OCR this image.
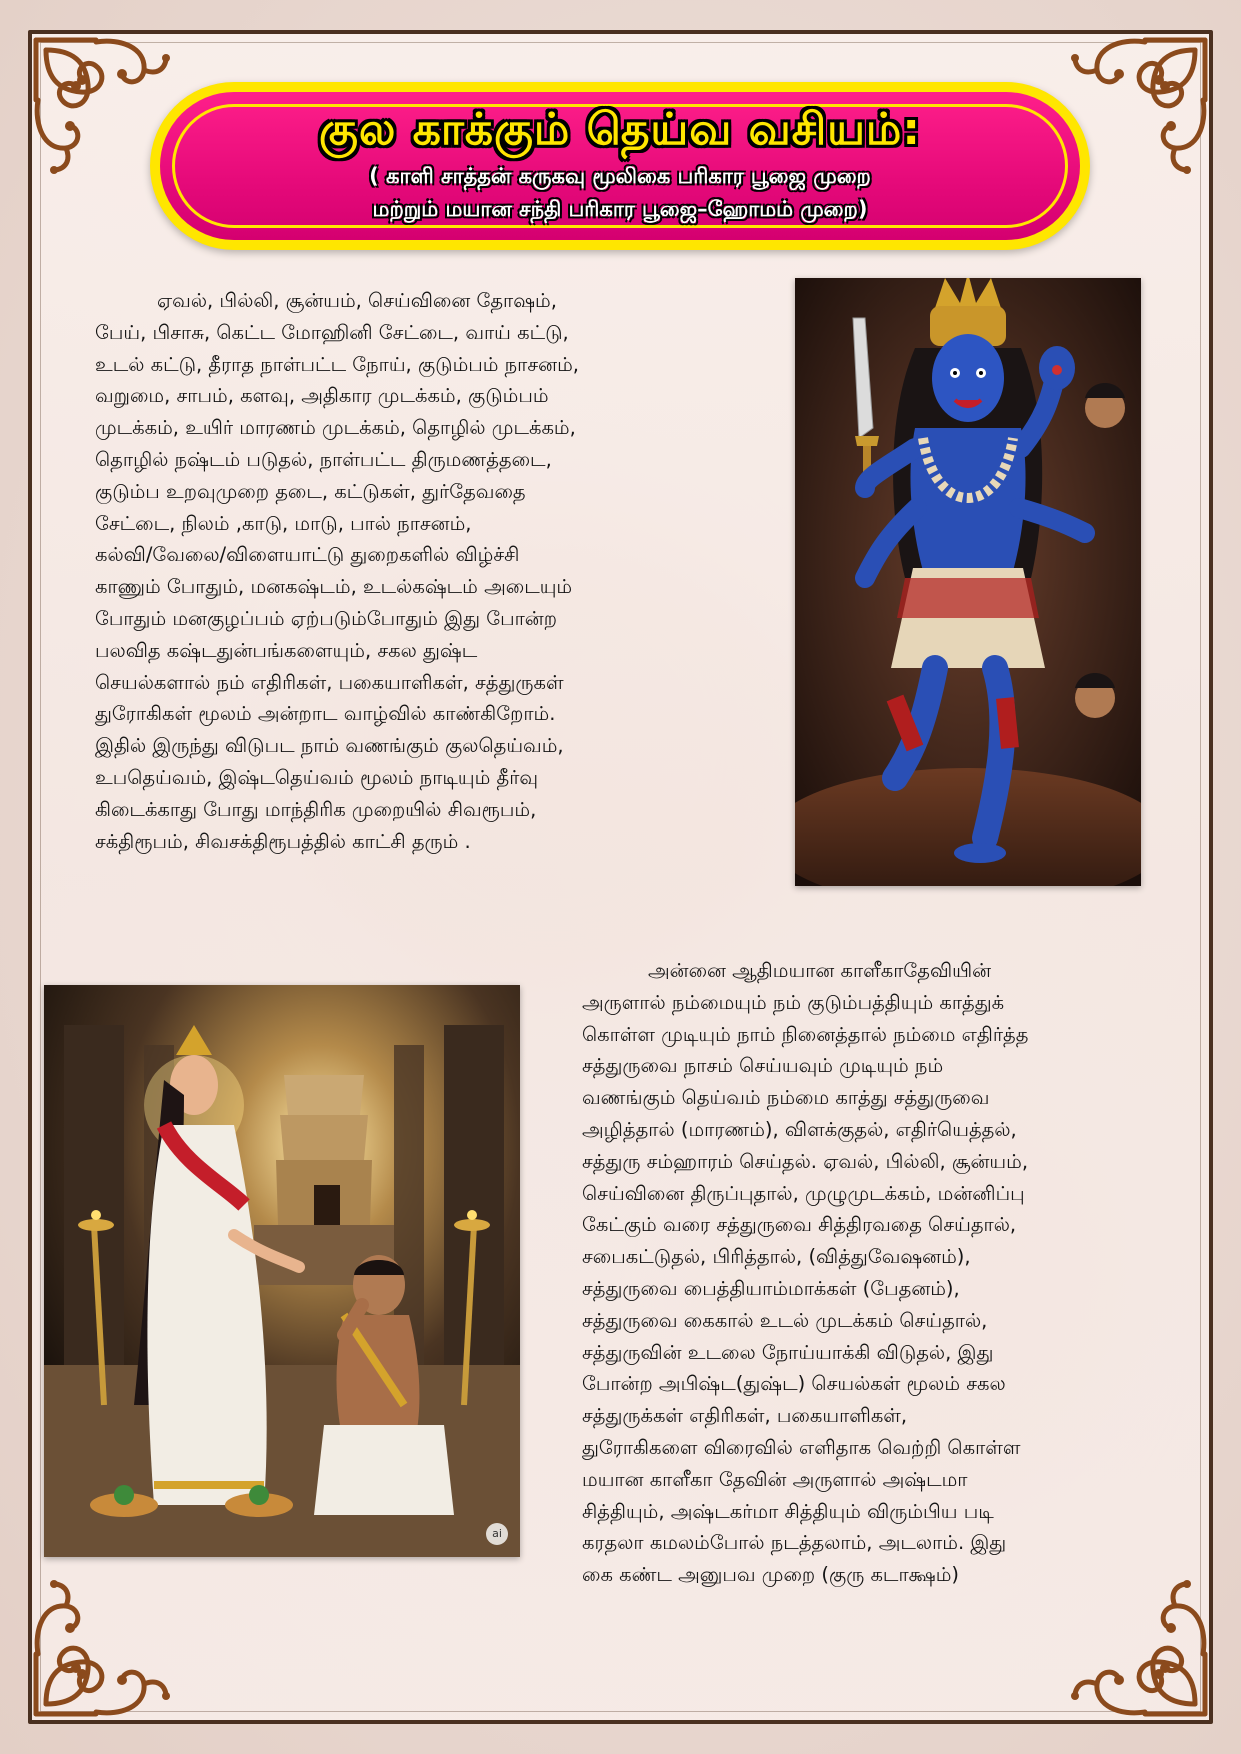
குல காக்கும் தெய்வ வசியம்:
( காளி சாத்தன் கருகவு மூலிகை பரிகார பூஜை முறை
மற்றும் மயான சந்தி பரிகார பூஜை–ஹோமம் முறை)
ai
ஏவல், பில்லி, சூன்யம், செய்வினை தோஷம்,
பேய், பிசாசு, கெட்ட மோஹினி சேட்டை, வாய் கட்டு,
உடல் கட்டு, தீராத நாள்பட்ட நோய், குடும்பம் நாசனம்,
வறுமை, சாபம், களவு, அதிகார முடக்கம், குடும்பம்
முடக்கம், உயிர் மாரணம் முடக்கம், தொழில் முடக்கம்,
தொழில் நஷ்டம் படுதல், நாள்பட்ட திருமணத்தடை,
குடும்ப உறவுமுறை தடை, கட்டுகள், துர்தேவதை
சேட்டை, நிலம் ,காடு, மாடு, பால் நாசனம்,
கல்வி/வேலை/விளையாட்டு துறைகளில் விழ்ச்சி
காணும் போதும், மனகஷ்டம், உடல்கஷ்டம் அடையும்
போதும் மனகுழப்பம் ஏற்படும்போதும் இது போன்ற
பலவித கஷ்டதுன்பங்களையும், சகல துஷ்ட
செயல்களால் நம் எதிரிகள், பகையாளிகள், சத்துருகள்
துரோகிகள் மூலம் அன்றாட வாழ்வில் காண்கிறோம்.
இதில் இருந்து விடுபட நாம் வணங்கும் குலதெய்வம்,
உபதெய்வம், இஷ்டதெய்வம் மூலம் நாடியும் தீர்வு
கிடைக்காது போது மாந்திரிக முறையில் சிவரூபம்,
சக்திரூபம், சிவசக்திரூபத்தில் காட்சி தரும் .
அன்னை ஆதிமயான காளீகாதேவியின்
அருளால் நம்மையும் நம் குடும்பத்தியும் காத்துக்
கொள்ள முடியும் நாம் நினைத்தால் நம்மை எதிர்த்த
சத்துருவை நாசம் செய்யவும் முடியும் நம்
வணங்கும் தெய்வம் நம்மை காத்து சத்துருவை
அழித்தால் (மாரணம்), விளக்குதல், எதிர்யெத்தல்,
சத்துரு சம்ஹாரம் செய்தல். ஏவல், பில்லி, சூன்யம்,
செய்வினை திருப்புதால், முழுமுடக்கம், மன்னிப்பு
கேட்கும் வரை சத்துருவை சித்திரவதை செய்தால்,
சபைகட்டுதல், பிரித்தால், (வித்துவேஷனம்),
சத்துருவை பைத்தியாம்மாக்கள் (பேதனம்),
சத்துருவை கைகால் உடல் முடக்கம் செய்தால்,
சத்துருவின் உடலை நோய்யாக்கி விடுதல், இது
போன்ற அபிஷ்ட(துஷ்ட) செயல்கள் மூலம் சகல
சத்துருக்கள் எதிரிகள், பகையாளிகள்,
துரோகிகளை விரைவில் எளிதாக வெற்றி கொள்ள
மயான காளீகா தேவின் அருளால் அஷ்டமா
சித்தியும், அஷ்டகர்மா சித்தியும் விரும்பிய படி
கரதலா கமலம்போல் நடத்தலாம், அடலாம். இது
கை கண்ட அனுபவ முறை (குரு கடாக்ஷம்)
